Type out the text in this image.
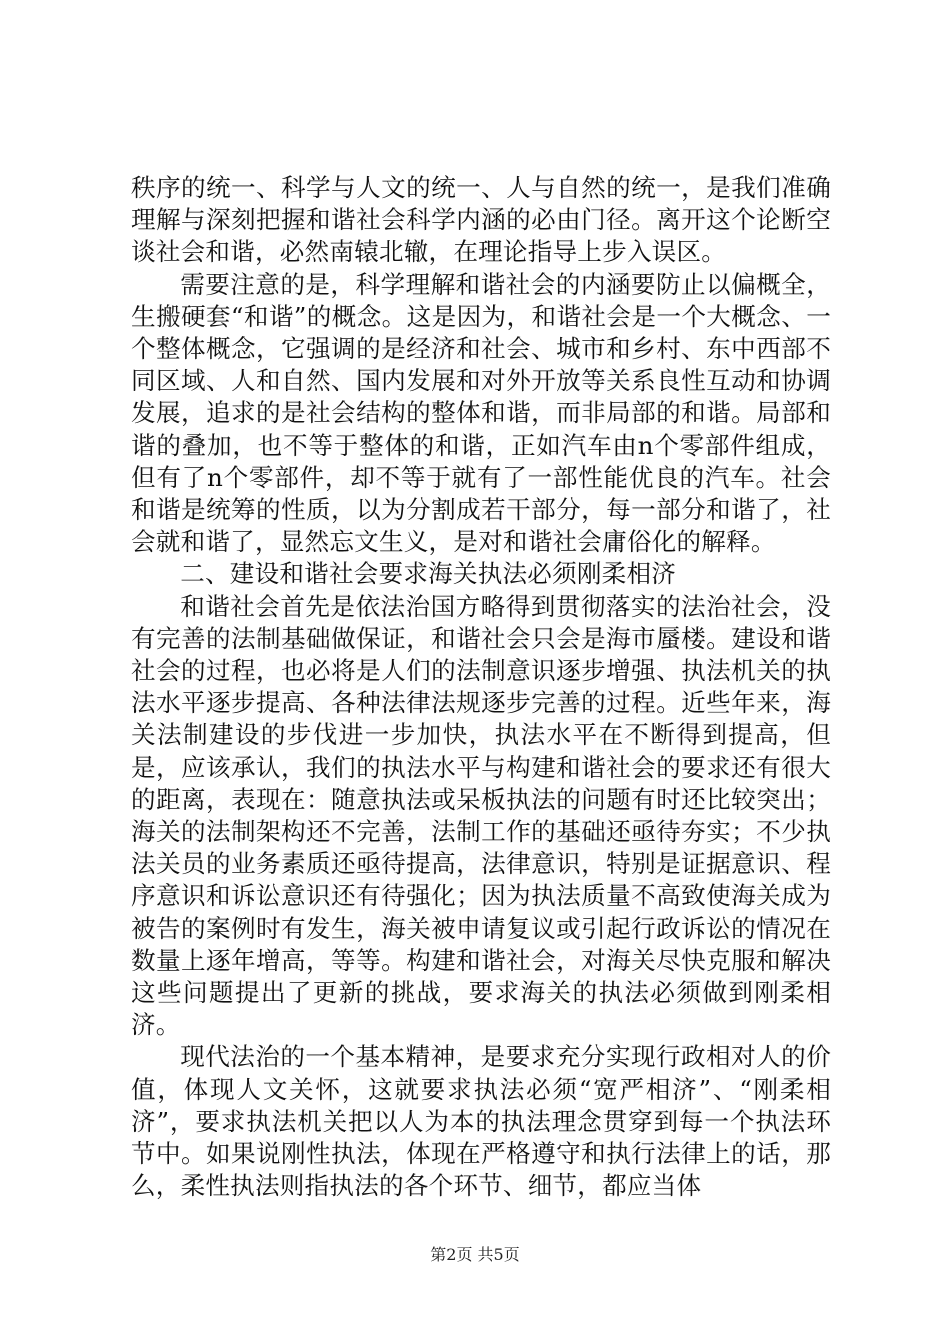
秩序的统一、科学与人文的统一、人与自然的统一，是我们准确理解与深刻把握和谐社会科学内涵的必由门径。离开这个论断空谈社会和谐，必然南辕北辙，在理论指导上步入误区。

需要注意的是，科学理解和谐社会的内涵要防止以偏概全，生搬硬套“和谐”的概念。这是因为，和谐社会是一个大概念、一个整体概念，它强调的是经济和社会、城市和乡村、东中西部不同区域、人和自然、国内发展和对外开放等关系良性互动和协调发展，追求的是社会结构的整体和谐，而非局部的和谐。局部和谐的叠加，也不等于整体的和谐，正如汽车由n个零部件组成，但有了n个零部件，却不等于就有了一部性能优良的汽车。社会和谐是统筹的性质，以为分割成若干部分，每一部分和谐了，社会就和谐了，显然忘文生义，是对和谐社会庸俗化的解释。

二、建设和谐社会要求海关执法必须刚柔相济

和谐社会首先是依法治国方略得到贯彻落实的法治社会，没有完善的法制基础做保证，和谐社会只会是海市蜃楼。建设和谐社会的过程，也必将是人们的法制意识逐步增强、执法机关的执法水平逐步提高、各种法律法规逐步完善的过程。近些年来，海关法制建设的步伐进一步加快，执法水平在不断得到提高，但是，应该承认，我们的执法水平与构建和谐社会的要求还有很大的距离，表现在：随意执法或呆板执法的问题有时还比较突出；海关的法制架构还不完善，法制工作的基础还亟待夯实；不少执法关员的业务素质还亟待提高，法律意识，特别是证据意识、程序意识和诉讼意识还有待强化；因为执法质量不高致使海关成为被告的案例时有发生，海关被申请复议或引起行政诉讼的情况在数量上逐年增高，等等。构建和谐社会，对海关尽快克服和解决这些问题提出了更新的挑战，要求海关的执法必须做到刚柔相济。

现代法治的一个基本精神，是要求充分实现行政相对人的价值，体现人文关怀，这就要求执法必须“宽严相济”、“刚柔相济”，要求执法机关把以人为本的执法理念贯穿到每一个执法环节中。如果说刚性执法，体现在严格遵守和执行法律上的话，那么，柔性执法则指执法的各个环节、细节，都应当体

第2页 共5页
